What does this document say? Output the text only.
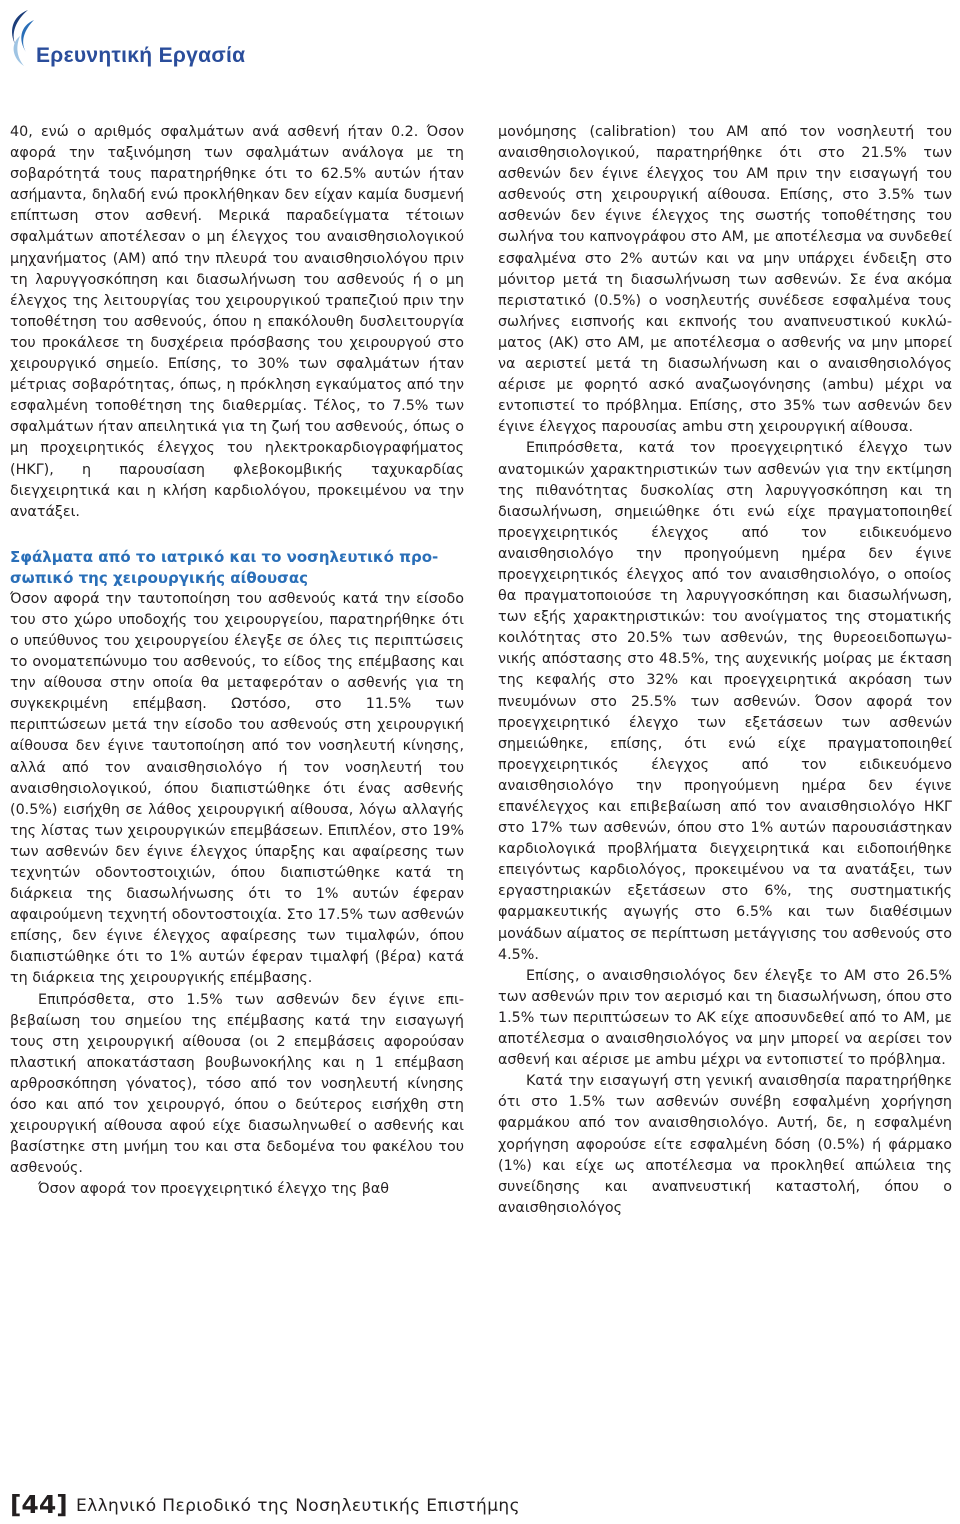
Ερευνητική Εργασία

40, ενώ ο αριθμός σφαλμάτων ανά ασθενή ήταν 0.2. Όσον αφορά την ταξινόμηση των σφαλμάτων ανάλογα με τη σοβαρότητά τους παρατηρήθηκε ότι το 62.5% αυτών ήταν ασήμαντα, δηλαδή ενώ προκλήθηκαν δεν είχαν καμία δυσμενή επίπτωση στον ασθενή. Μερικά παραδείγματα τέτοιων σφαλμάτων αποτέλεσαν ο μη έλεγχος του αναισθησιολογικού μηχανήματος (ΑΜ) από την πλευρά του αναισθησιολόγου πριν τη λαρυγγοσκόπηση και διασωλήνωση του ασθενούς ή ο μη έλεγχος της λειτουργίας του χειρουργικού τραπεζιού πριν την τοποθέτηση του ασθενούς, όπου η επακόλουθη δυσλειτουργία του προκάλεσε τη δυσχέρεια πρόσβασης του χειρουργού στο χειρουργικό σημείο. Επίσης, το 30% των σφαλμάτων ήταν μέτριας σοβαρότητας, όπως, η πρόκληση εγκαύματος από την εσφαλμένη τοποθέτηση της διαθερμίας. Τέλος, το 7.5% των σφαλμάτων ήταν απειλητικά για τη ζωή του ασθενούς, όπως ο μη προχειρητικός έλεγχος του ηλεκτροκαρδιογραφήματος (ΗΚΓ), η παρουσίαση φλεβοκομβικής ταχυκαρδίας διεγχειρητικά και η κλήση καρδιολόγου, προκειμένου να την ανατάξει.

Σφάλματα από το ιατρικό και το νοσηλευτικό προσωπικό της χειρουργικής αίθουσας

Όσον αφορά την ταυτοποίηση του ασθενούς κατά την είσοδο του στο χώρο υποδοχής του χειρουργείου, παρατηρήθηκε ότι ο υπεύθυνος του χειρουργείου έλεγξε σε όλες τις περιπτώσεις το ονοματεπώνυμο του ασθενούς, το είδος της επέμβασης και την αίθουσα στην οποία θα μεταφερόταν ο ασθενής για τη συγκεκριμένη επέμβαση. Ωστόσο, στο 11.5% των περιπτώσεων μετά την είσοδο του ασθενούς στη χειρουργική αίθουσα δεν έγινε ταυτοποίηση από τον νοσηλευτή κίνησης, αλλά από τον αναισθησιολόγο ή τον νοσηλευτή του αναισθησιολογικού, όπου διαπιστώθηκε ότι ένας ασθενής (0.5%) εισήχθη σε λάθος χειρουργική αίθουσα, λόγω αλλαγής της λίστας των χειρουργικών επεμβάσεων. Επιπλέον, στο 19% των ασθενών δεν έγινε έλεγχος ύπαρξης και αφαίρεσης των τεχνητών οδοντοστοιχιών, όπου διαπιστώθηκε κατά τη διάρκεια της διασωλήνωσης ότι το 1% αυτών έφεραν αφαιρούμενη τεχνητή οδοντοστοιχία. Στο 17.5% των ασθενών επίσης, δεν έγινε έλεγχος αφαίρεσης των τιμαλφών, όπου διαπιστώθηκε ότι το 1% αυτών έφεραν τιμαλφή (βέρα) κατά τη διάρκεια της χειρουργικής επέμβασης.

Επιπρόσθετα, στο 1.5% των ασθενών δεν έγινε επιβεβαίωση του σημείου της επέμβασης κατά την εισαγωγή τους στη χειρουργική αίθουσα (οι 2 επεμβάσεις αφορούσαν πλαστική αποκατάσταση βουβωνοκήλης και η 1 επέμβαση αρθροσκόπηση γόνατος), τόσο από τον νοσηλευτή κίνησης όσο και από τον χειρουργό, όπου ο δεύτερος εισήχθη στη χειρουργική αίθουσα αφού είχε διασωληνωθεί ο ασθενής και βασίστηκε στη μνήμη του και στα δεδομένα του φακέλου του ασθενούς.

Όσον αφορά τον προεγχειρητικό έλεγχο της βαθ

μονόμησης (calibration) του ΑΜ από τον νοσηλευτή του αναισθησιολογικού, παρατηρήθηκε ότι στο 21.5% των ασθενών δεν έγινε έλεγχος του ΑΜ πριν την εισαγωγή του ασθενούς στη χειρουργική αίθουσα. Επίσης, στο 3.5% των ασθενών δεν έγινε έλεγχος της σωστής τοποθέτησης του σωλήνα του καπνογράφου στο ΑΜ, με αποτέλεσμα να συνδεθεί εσφαλμένα στο 2% αυτών και να μην υπάρχει ένδειξη στο μόνιτορ μετά τη διασωλήνωση των ασθενών. Σε ένα ακόμα περιστατικό (0.5%) ο νοσηλευτής συνέδεσε εσφαλμένα τους σωλήνες εισπνοής και εκπνοής του αναπνευστικού κυκλώματος (ΑΚ) στο ΑΜ, με αποτέλεσμα ο ασθενής να μην μπορεί να αεριστεί μετά τη διασωλήνωση και ο αναισθησιολόγος αέρισε με φορητό ασκό αναζωογόνησης (ambu) μέχρι να εντοπιστεί το πρόβλημα. Επίσης, στο 35% των ασθενών δεν έγινε έλεγχος παρουσίας ambu στη χειρουργική αίθουσα.

Επιπρόσθετα, κατά τον προεγχειρητικό έλεγχο των ανατομικών χαρακτηριστικών των ασθενών για την εκτίμηση της πιθανότητας δυσκολίας στη λαρυγγοσκόπηση και τη διασωλήνωση, σημειώθηκε ότι ενώ είχε πραγματοποιηθεί προεγχειρητικός έλεγχος από τον ειδικευόμενο αναισθησιολόγο την προηγούμενη ημέρα δεν έγινε προεγχειρητικός έλεγχος από τον αναισθησιολόγο, ο οποίος θα πραγματοποιούσε τη λαρυγγοσκόπηση και διασωλήνωση, των εξής χαρακτηριστικών: του ανοίγματος της στοματικής κοιλότητας στο 20.5% των ασθενών, της θυρεοειδοπωγωνικής απόστασης στο 48.5%, της αυχενικής μοίρας με έκταση της κεφαλής στο 32% και προεγχειρητικά ακρόαση των πνευμόνων στο 25.5% των ασθενών. Όσον αφορά τον προεγχειρητικό έλεγχο των εξετάσεων των ασθενών σημειώθηκε, επίσης, ότι ενώ είχε πραγματοποιηθεί προεγχειρητικός έλεγχος από τον ειδικευόμενο αναισθησιολόγο την προηγούμενη ημέρα δεν έγινε επανέλεγχος και επιβεβαίωση από τον αναισθησιολόγο ΗΚΓ στο 17% των ασθενών, όπου στο 1% αυτών παρουσιάστηκαν καρδιολογικά προβλήματα διεγχειρητικά και ειδοποιήθηκε επειγόντως καρδιολόγος, προκειμένου να τα ανατάξει, των εργαστηριακών εξετάσεων στο 6%, της συστηματικής φαρμακευτικής αγωγής στο 6.5% και των διαθέσιμων μονάδων αίματος σε περίπτωση μετάγγισης του ασθενούς στο 4.5%.

Επίσης, ο αναισθησιολόγος δεν έλεγξε το ΑΜ στο 26.5% των ασθενών πριν τον αερισμό και τη διασωλήνωση, όπου στο 1.5% των περιπτώσεων το ΑΚ είχε αποσυνδεθεί από το ΑΜ, με αποτέλεσμα ο αναισθησιολόγος να μην μπορεί να αερίσει τον ασθενή και αέρισε με ambu μέχρι να εντοπιστεί το πρόβλημα.

Κατά την εισαγωγή στη γενική αναισθησία παρατηρήθηκε ότι στο 1.5% των ασθενών συνέβη εσφαλμένη χορήγηση φαρμάκου από τον αναισθησιολόγο. Αυτή, δε, η εσφαλμένη χορήγηση αφορούσε είτε εσφαλμένη δόση (0.5%) ή φάρμακο (1%) και είχε ως αποτέλεσμα να προκληθεί απώλεια της συνείδησης και αναπνευστική καταστολή, όπου ο αναισθησιολόγος

[44] Ελληνικό Περιοδικό της Νοσηλευτικής Επιστήμης
